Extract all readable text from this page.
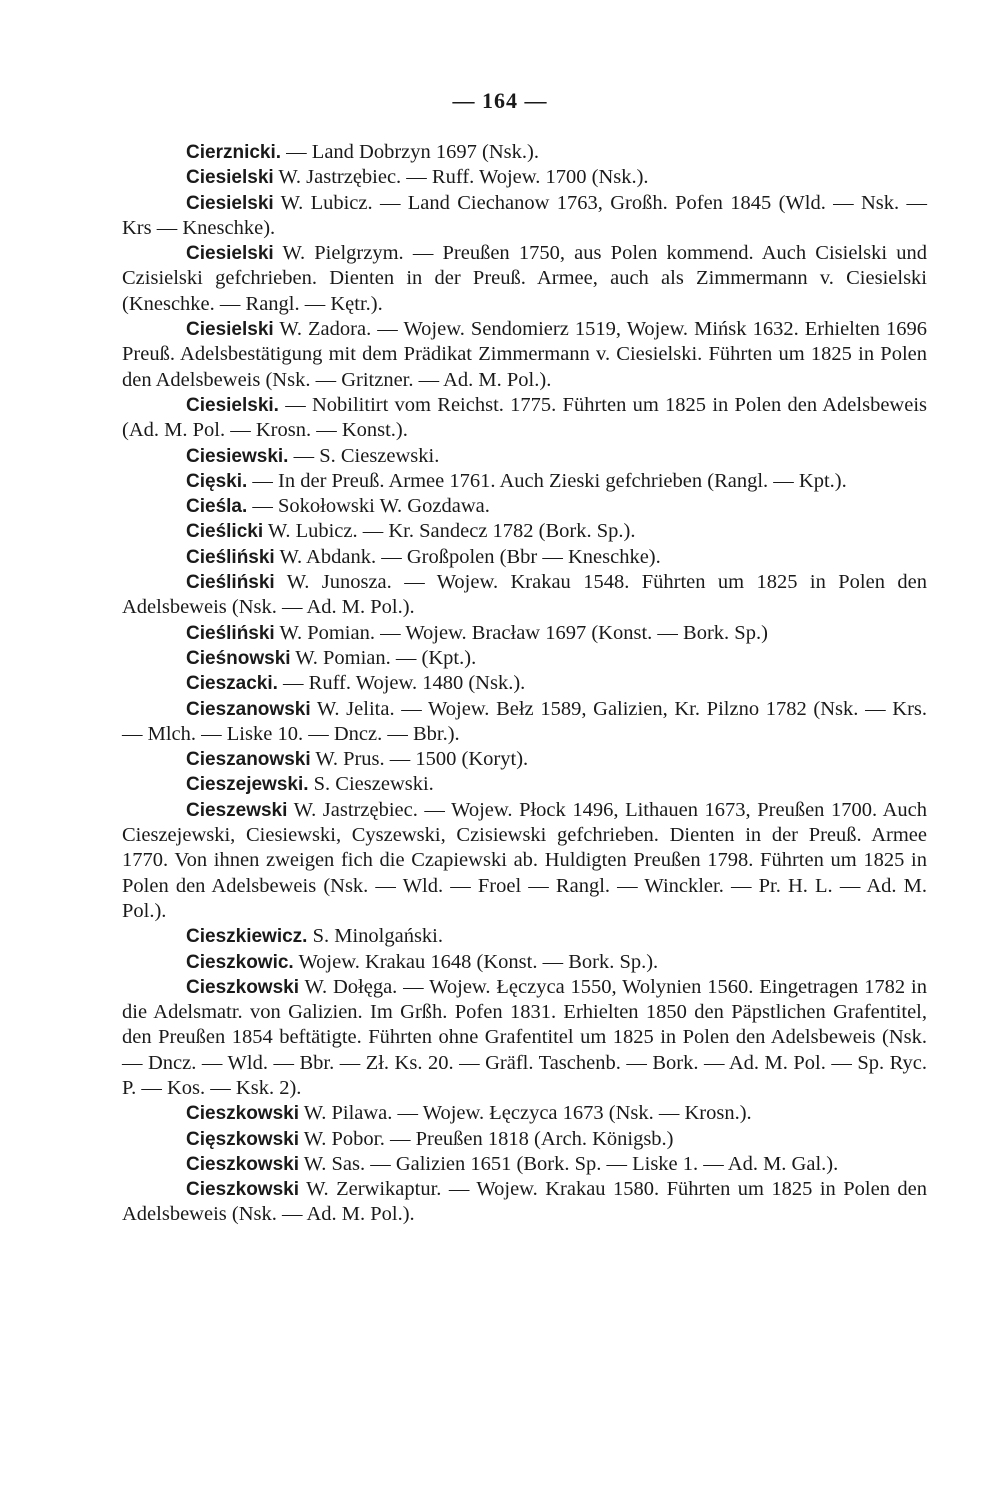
— 164 —

Cierznicki. — Land Dobrzyn 1697 (Nsk.).

Ciesielski W. Jastrzębiec. — Ruff. Wojew. 1700 (Nsk.).

Ciesielski W. Lubicz. — Land Ciechanow 1763, Großh. Pofen 1845 (Wld. — Nsk. — Krs — Kneschke).

Ciesielski W. Pielgrzym. — Preußen 1750, aus Polen kommend. Auch Cisielski und Czisielski gefchrieben. Dienten in der Preuß. Armee, auch als Zimmermann v. Ciesielski (Kneschke. — Rangl. — Kętr.).

Ciesielski W. Zadora. — Wojew. Sendomierz 1519, Wojew. Mińsk 1632. Erhielten 1696 Preuß. Adelsbestätigung mit dem Prädikat Zimmermann v. Ciesielski. Führten um 1825 in Polen den Adelsbeweis (Nsk. — Gritzner. — Ad. M. Pol.).

Ciesielski. — Nobilitirt vom Reichst. 1775. Führten um 1825 in Polen den Adelsbeweis (Ad. M. Pol. — Krosn. — Konst.).

Ciesiewski. — S. Cieszewski.

Cięski. — In der Preuß. Armee 1761. Auch Zieski gefchrieben (Rangl. — Kpt.).

Cieśla. — Sokołowski W. Gozdawa.

Cieślicki W. Lubicz. — Kr. Sandecz 1782 (Bork. Sp.).

Cieśliński W. Abdank. — Großpolen (Bbr — Kneschke).

Cieśliński W. Junosza. — Wojew. Krakau 1548. Führten um 1825 in Polen den Adelsbeweis (Nsk. — Ad. M. Pol.).

Cieśliński W. Pomian. — Wojew. Bracław 1697 (Konst. — Bork. Sp.)

Cieśnowski W. Pomian. — (Kpt.).

Cieszacki. — Ruff. Wojew. 1480 (Nsk.).

Cieszanowski W. Jelita. — Wojew. Bełz 1589, Galizien, Kr. Pilzno 1782 (Nsk. — Krs. — Mlch. — Liske 10. — Dncz. — Bbr.).

Cieszanowski W. Prus. — 1500 (Koryt).

Cieszejewski. S. Cieszewski.

Cieszewski W. Jastrzębiec. — Wojew. Płock 1496, Lithauen 1673, Preußen 1700. Auch Cieszejewski, Ciesiewski, Cyszewski, Czisiewski gefchrieben. Dienten in der Preuß. Armee 1770. Von ihnen zweigen fich die Czapiewski ab. Huldigten Preußen 1798. Führten um 1825 in Polen den Adelsbeweis (Nsk. — Wld. — Froel — Rangl. — Winckler. — Pr. H. L. — Ad. M. Pol.).

Cieszkiewicz. S. Minolgański.

Cieszkowic. Wojew. Krakau 1648 (Konst. — Bork. Sp.).

Cieszkowski W. Dołęga. — Wojew. Łęczyca 1550, Wolynien 1560. Eingetragen 1782 in die Adelsmatr. von Galizien. Im Grßh. Pofen 1831. Erhielten 1850 den Päpstlichen Grafentitel, den Preußen 1854 beftätigte. Führten ohne Grafentitel um 1825 in Polen den Adelsbeweis (Nsk. — Dncz. — Wld. — Bbr. — Zł. Ks. 20. — Gräfl. Taschenb. — Bork. — Ad. M. Pol. — Sp. Ryc. P. — Kos. — Ksk. 2).

Cieszkowski W. Pilawa. — Wojew. Łęczyca 1673 (Nsk. — Krosn.).

Cięszkowski W. Poboг. — Preußen 1818 (Arch. Königsb.)

Cieszkowski W. Sas. — Galizien 1651 (Bork. Sp. — Liske 1. — Ad. M. Gal.).

Cieszkowski W. Zerwikaptur. — Wojew. Krakau 1580. Führten um 1825 in Polen den Adelsbeweis (Nsk. — Ad. M. Pol.).
